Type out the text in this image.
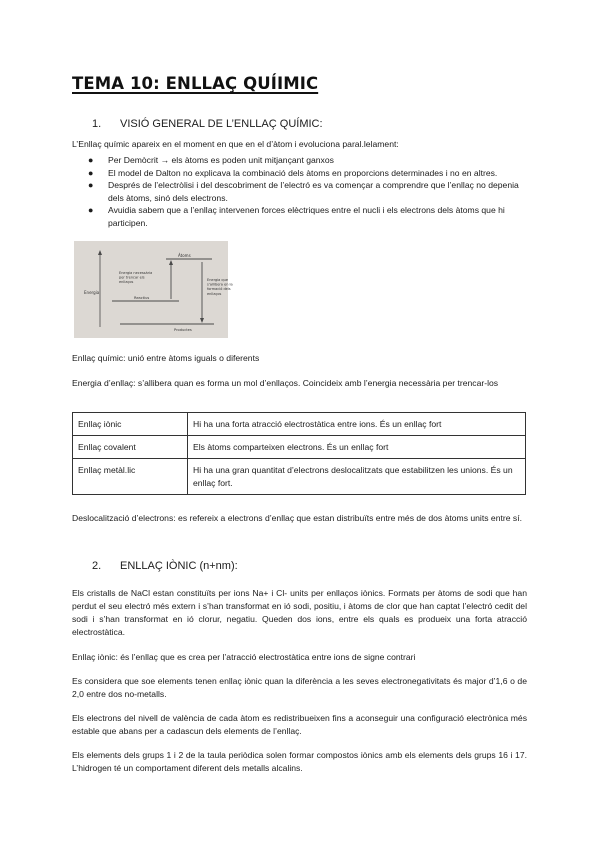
TEMA 10: ENLLAÇ QUÍIMIC
1. VISIÓ GENERAL DE L’ENLLAÇ QUÍMIC:
L’Enllaç químic apareix en el moment en que en el d’àtom i evoluciona paral.lelament:
● Per Demòcrit → els àtoms es poden unit mitjançant ganxos
● El model de Dalton no explicava la combinació dels àtoms en proporcions determinades i no en altres.
● Després de l’electròlisi i del descobriment de l’electró es va començar a comprendre que l’enllaç no depenia dels àtoms, sinó dels electrons.
● Avuidia sabem que a l’enllaç intervenen forces elèctriques entre el nucli i els electrons dels àtoms que hi participen.
Àtoms
Energia necessària per trencar els enllaços
Energia que s’allibera en la formació dels enllaços
Energia
Reactius
Productes
Enllaç químic: unió entre àtoms iguals o diferents
Energia d’enllaç: s’allibera quan es forma un mol d’enllaços. Coincideix amb l’energia necessària per trencar-los
Enllaç iònic	Hi ha una forta atracció electrostàtica entre ions. És un enllaç fort
Enllaç covalent	Els àtoms comparteixen electrons. És un enllaç fort
Enllaç metàl.lic	Hi ha una gran quantitat d’electrons deslocalitzats que estabilitzen les unions. És un enllaç fort.
Deslocalització d’electrons: es refereix a electrons d’enllaç que estan distribuïts entre més de dos àtoms units entre sí.
2. ENLLAÇ IÒNIC (n+nm):
Els cristalls de NaCl estan constituïts per ions Na+ i Cl- units per enllaços iònics. Formats per àtoms de sodi que han perdut el seu electró més extern i s’han transformat en ió sodi, positiu, i àtoms de clor que han captat l’electró cedit del sodi i s’han transformat en ió clorur, negatiu. Queden dos ions, entre els quals es produeix una forta atracció electrostàtica.
Enllaç iònic: és l’enllaç que es crea per l’atracció electrostàtica entre ions de signe contrari
Es considera que soe elements tenen enllaç iònic quan la diferència a les seves electronegativitats és major d’1,6 o de 2,0 entre dos no-metalls.
Els electrons del nivell de valència de cada àtom es redistribueixen fins a aconseguir una configuració electrònica més estable que abans per a cadascun dels elements de l’enllaç.
Els elements dels grups 1 i 2 de la taula periòdica solen formar compostos iònics amb els elements dels grups 16 i 17. L’hidrogen té un comportament diferent dels metalls alcalins.
